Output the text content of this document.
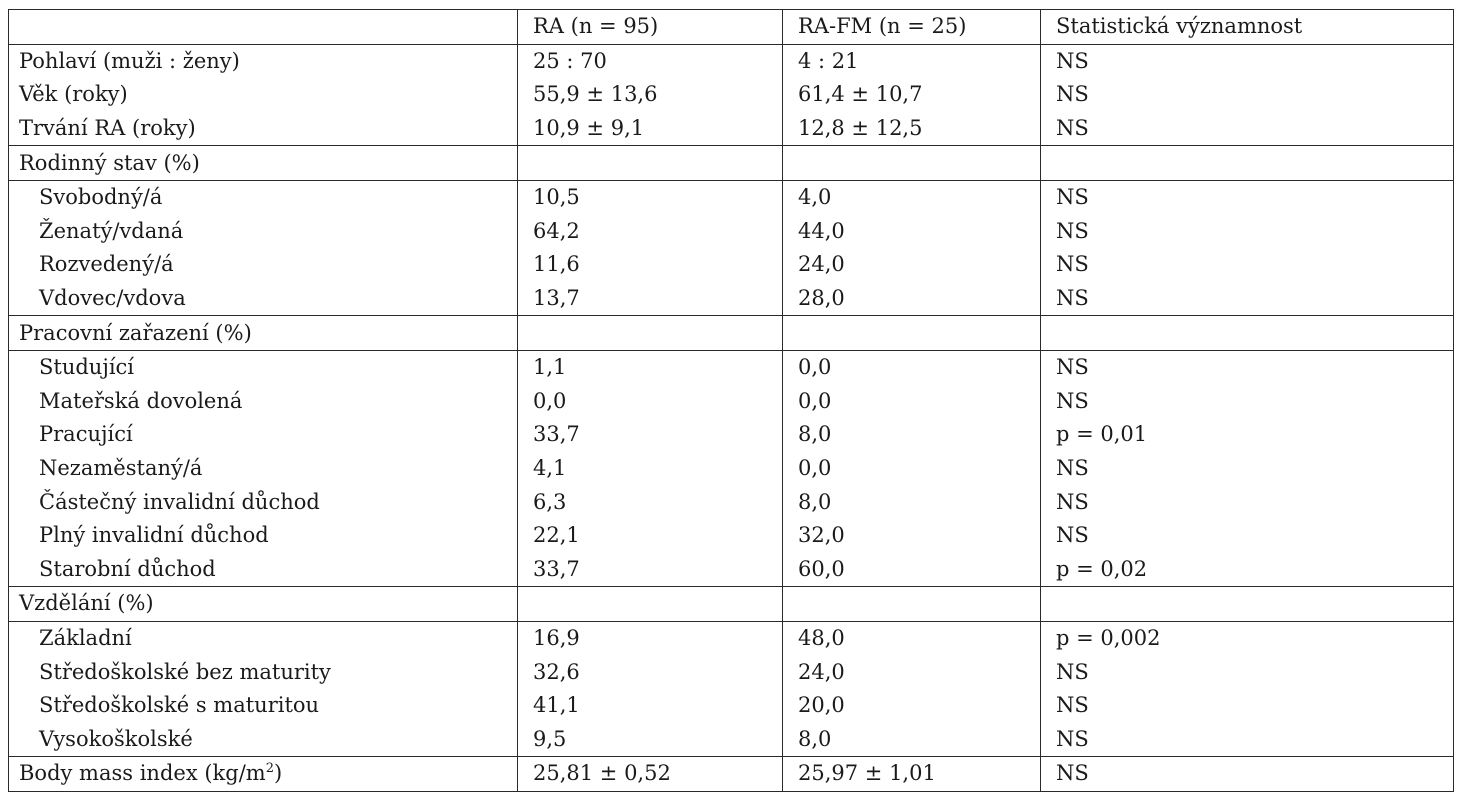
	RA (n = 95)	RA-FM (n = 25)	Statistická významnost
Pohlaví (muži : ženy)	25 : 70	4 : 21	NS
Věk (roky)	55,9 ± 13,6	61,4 ± 10,7	NS
Trvání RA (roky)	10,9 ± 9,1	12,8 ± 12,5	NS
Rodinný stav (%)			
Svobodný/á	10,5	4,0	NS
Ženatý/vdaná	64,2	44,0	NS
Rozvedený/á	11,6	24,0	NS
Vdovec/vdova	13,7	28,0	NS
Pracovní zařazení (%)			
Studující	1,1	0,0	NS
Mateřská dovolená	0,0	0,0	NS
Pracující	33,7	8,0	p = 0,01
Nezaměstaný/á	4,1	0,0	NS
Částečný invalidní důchod	6,3	8,0	NS
Plný invalidní důchod	22,1	32,0	NS
Starobní důchod	33,7	60,0	p = 0,02
Vzdělání (%)			
Základní	16,9	48,0	p = 0,002
Středoškolské bez maturity	32,6	24,0	NS
Středoškolské s maturitou	41,1	20,0	NS
Vysokoškolské	9,5	8,0	NS
Body mass index $(kg/m^2)$	25,81 ± 0,52	25,97 ± 1,01	NS
